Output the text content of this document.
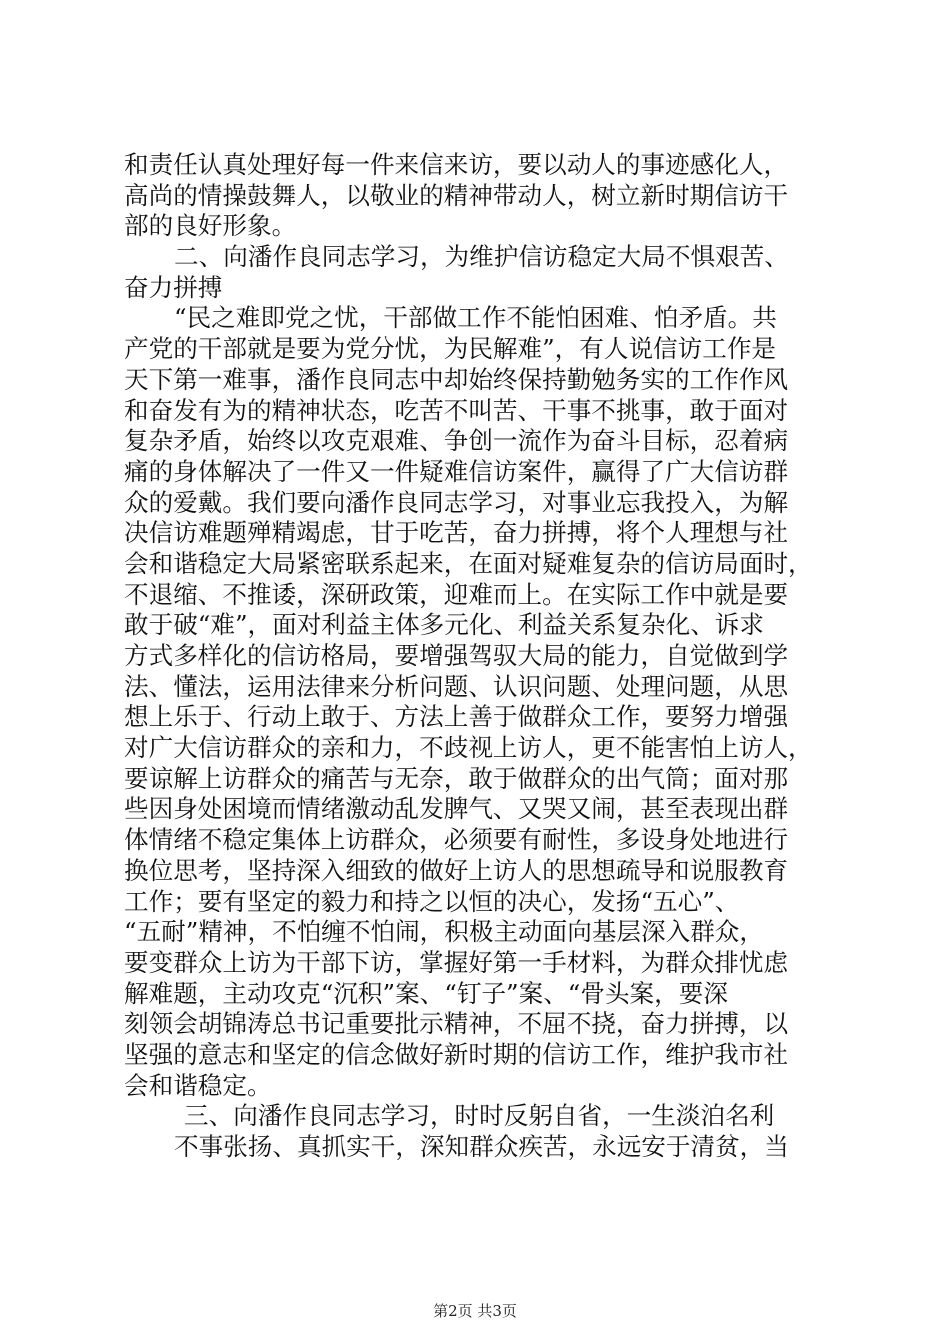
和责任认真处理好每一件来信来访，要以动人的事迹感化人，
高尚的情操鼓舞人，以敬业的精神带动人，树立新时期信访干
部的良好形象。
二、向潘作良同志学习，为维护信访稳定大局不惧艰苦、
奋力拼搏
“民之难即党之忧，干部做工作不能怕困难、怕矛盾。共
产党的干部就是要为党分忧，为民解难”，有人说信访工作是
天下第一难事，潘作良同志中却始终保持勤勉务实的工作作风
和奋发有为的精神状态，吃苦不叫苦、干事不挑事，敢于面对
复杂矛盾，始终以攻克艰难、争创一流作为奋斗目标，忍着病
痛的身体解决了一件又一件疑难信访案件，赢得了广大信访群
众的爱戴。我们要向潘作良同志学习，对事业忘我投入，为解
决信访难题殚精竭虑，甘于吃苦，奋力拼搏，将个人理想与社
会和谐稳定大局紧密联系起来，在面对疑难复杂的信访局面时，
不退缩、不推诿，深研政策，迎难而上。在实际工作中就是要
敢于破“难”，面对利益主体多元化、利益关系复杂化、诉求
方式多样化的信访格局，要增强驾驭大局的能力，自觉做到学
法、懂法，运用法律来分析问题、认识问题、处理问题，从思
想上乐于、行动上敢于、方法上善于做群众工作，要努力增强
对广大信访群众的亲和力，不歧视上访人，更不能害怕上访人，
要谅解上访群众的痛苦与无奈，敢于做群众的出气筒；面对那
些因身处困境而情绪激动乱发脾气、又哭又闹，甚至表现出群
体情绪不稳定集体上访群众，必须要有耐性，多设身处地进行
换位思考，坚持深入细致的做好上访人的思想疏导和说服教育
工作；要有坚定的毅力和持之以恒的决心，发扬“五心”、
“五耐”精神，不怕缠不怕闹，积极主动面向基层深入群众，
要变群众上访为干部下访，掌握好第一手材料，为群众排忧虑
解难题，主动攻克“沉积”案、“钉子”案、“骨头案，要深
刻领会胡锦涛总书记重要批示精神，不屈不挠，奋力拼搏，以
坚强的意志和坚定的信念做好新时期的信访工作，维护我市社
会和谐稳定。
三、向潘作良同志学习，时时反躬自省，一生淡泊名利
不事张扬、真抓实干，深知群众疾苦，永远安于清贫，当
第2页 共3页
